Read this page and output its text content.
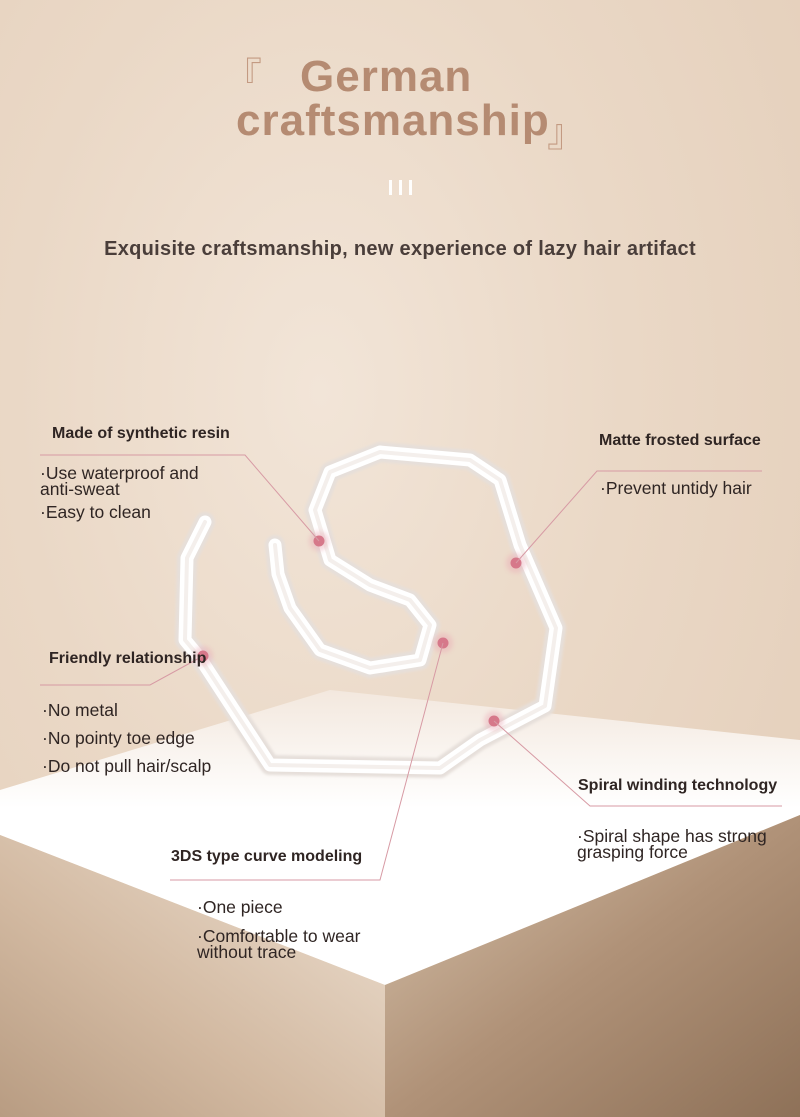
『 German
craftsmanship
』
Exquisite craftsmanship, new experience of lazy hair artifact
Made of synthetic resin
·Use waterproof and
anti-sweat
·Easy to clean
Matte frosted surface
·Prevent untidy hair
Friendly relationship
·No metal
·No pointy toe edge
·Do not pull hair/scalp
Spiral winding technology
·Spiral shape has strong
grasping force
3DS type curve modeling
·One piece
·Comfortable to wear
without trace
